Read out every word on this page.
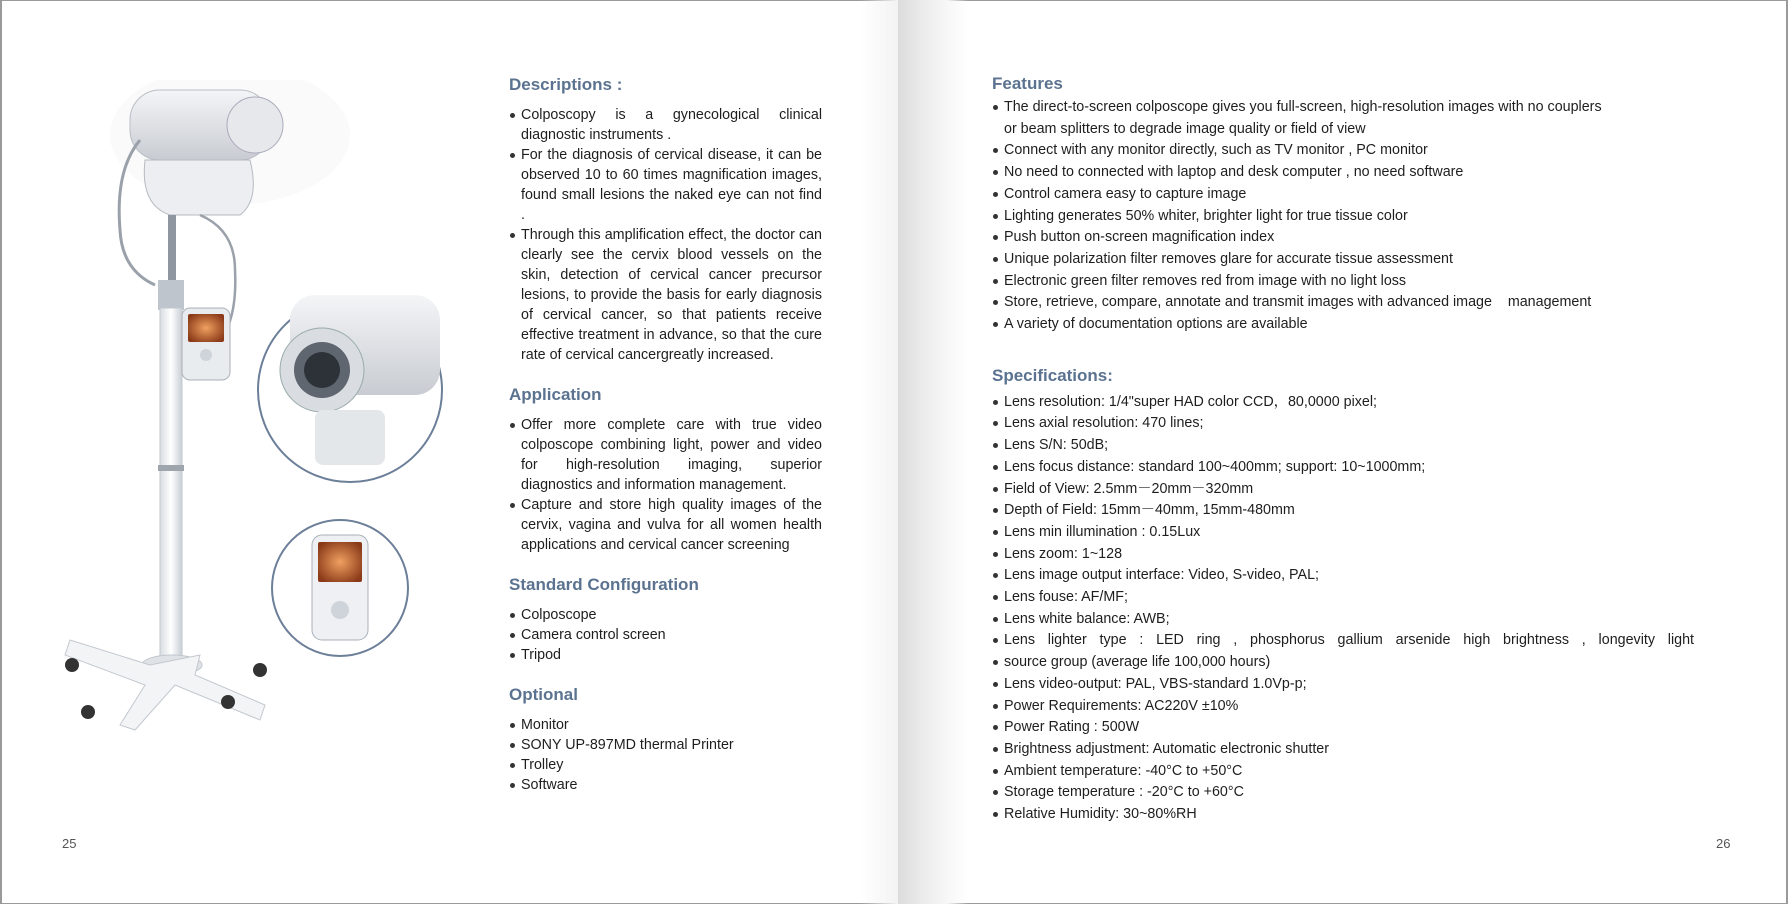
Descriptions :
Colposcopy is a gynecological clinical diagnostic instruments .
For the diagnosis of cervical disease, it can be observed 10 to 60 times magnification images, found small lesions the naked eye can not find .
Through this amplification effect, the doctor can clearly see the cervix blood vessels on the skin, detection of cervical cancer precursor lesions, to provide the basis for early diagnosis of cervical cancer, so that patients receive effective treatment in advance, so that the cure rate of cervical cancergreatly increased.
Application
Offer more complete care with true video colposcope combining light, power and video for high-resolution imaging, superior diagnostics and information management.
Capture and store high quality images of the cervix, vagina and vulva for all women health applications and cervical cancer screening
Standard Configuration
Colposcope
Camera control screen
Tripod
Optional
Monitor
SONY UP-897MD thermal Printer
Trolley
Software
25
Features
The direct-to-screen colposcope gives you full-screen, high-resolution images with no couplers or beam splitters to degrade image quality or field of view
Connect with any monitor directly, such as TV monitor , PC monitor
No need to connected with laptop and desk computer , no need software
Control camera easy to capture image
Lighting generates 50% whiter, brighter light for true tissue color
Push button on-screen magnification index
Unique polarization filter removes glare for accurate tissue assessment
Electronic green filter removes red from image with no light loss
Store, retrieve, compare, annotate and transmit images with advanced image    management
A variety of documentation options are available
Specifications:
Lens resolution: 1/4"super HAD color CCD，80,0000 pixel;
Lens axial resolution: 470 lines;
Lens S/N: 50dB;
Lens focus distance: standard 100~400mm; support: 10~1000mm;
Field of View: 2.5mm－20mm－320mm
Depth of Field: 15mm－40mm, 15mm-480mm
Lens min illumination : 0.15Lux
Lens zoom: 1~128
Lens image output interface: Video, S-video, PAL;
Lens fouse: AF/MF;
Lens white balance: AWB;
Lens lighter type : LED ring , phosphorus gallium arsenide high brightness , longevity light
source group (average life 100,000 hours)
Lens video-output: PAL, VBS-standard 1.0Vp-p;
Power Requirements: AC220V ±10%
Power Rating : 500W
Brightness adjustment: Automatic electronic shutter
Ambient temperature: -40°C to +50°C
Storage temperature : -20°C to +60°C
Relative Humidity: 30~80%RH
26
